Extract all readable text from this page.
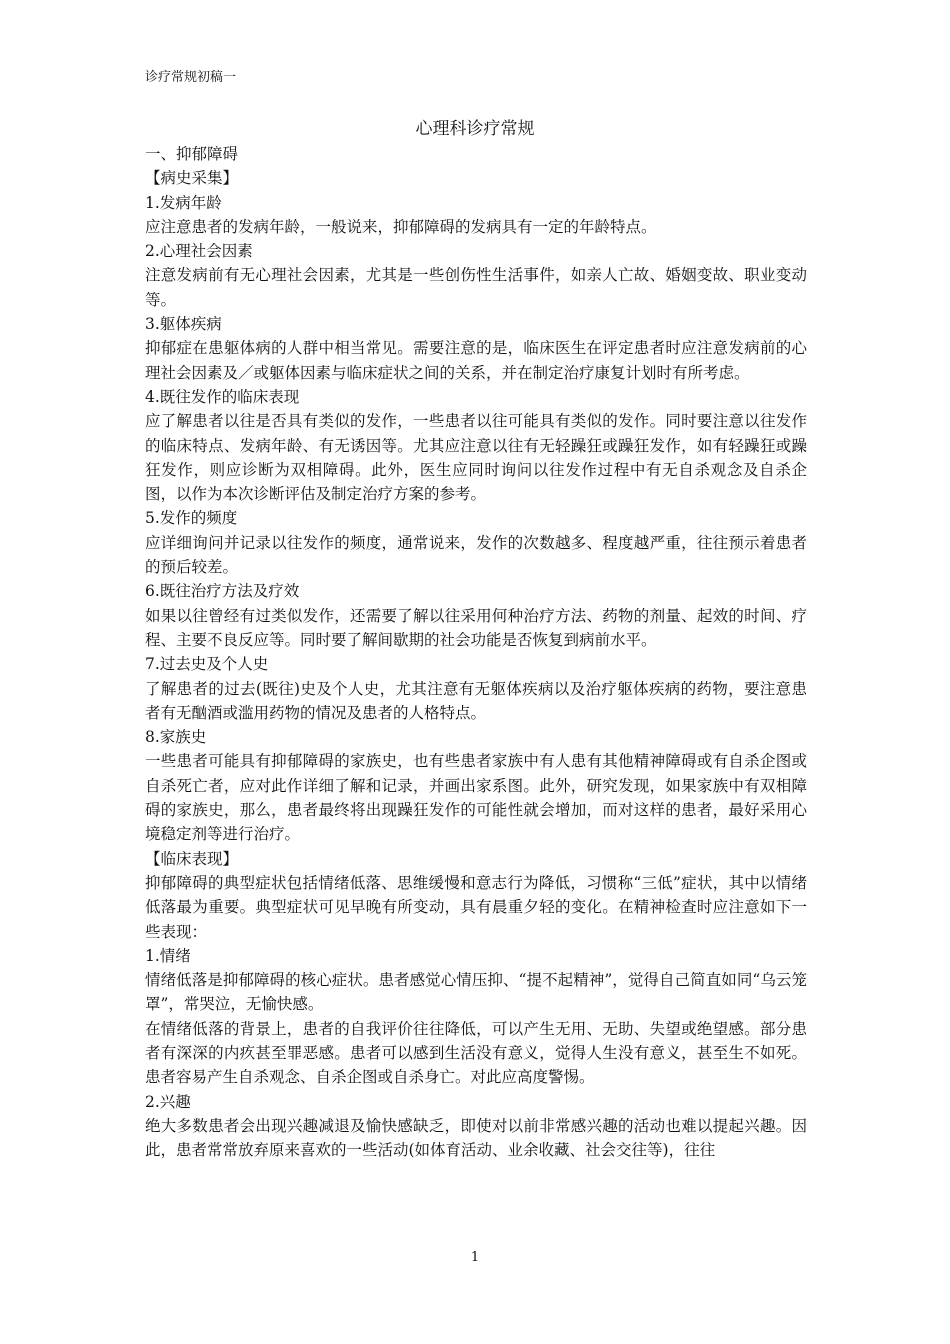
诊疗常规初稿一

心理科诊疗常规

一、抑郁障碍

【病史采集】

1.发病年龄

应注意患者的发病年龄，一般说来，抑郁障碍的发病具有一定的年龄特点。

2.心理社会因素

注意发病前有无心理社会因素，尤其是一些创伤性生活事件，如亲人亡故、婚姻变故、职业变动等。

3.躯体疾病

抑郁症在患躯体病的人群中相当常见。需要注意的是，临床医生在评定患者时应注意发病前的心理社会因素及／或躯体因素与临床症状之间的关系，并在制定治疗康复计划时有所考虑。

4.既往发作的临床表现

应了解患者以往是否具有类似的发作，一些患者以往可能具有类似的发作。同时要注意以往发作的临床特点、发病年龄、有无诱因等。尤其应注意以往有无轻躁狂或躁狂发作，如有轻躁狂或躁狂发作，则应诊断为双相障碍。此外，医生应同时询问以往发作过程中有无自杀观念及自杀企图，以作为本次诊断评估及制定治疗方案的参考。

5.发作的频度

应详细询问并记录以往发作的频度，通常说来，发作的次数越多、程度越严重，往往预示着患者的预后较差。

6.既往治疗方法及疗效

如果以往曾经有过类似发作，还需要了解以往采用何种治疗方法、药物的剂量、起效的时间、疗程、主要不良反应等。同时要了解间歇期的社会功能是否恢复到病前水平。

7.过去史及个人史

了解患者的过去(既往)史及个人史，尤其注意有无躯体疾病以及治疗躯体疾病的药物，要注意患者有无酗酒或滥用药物的情况及患者的人格特点。

8.家族史

一些患者可能具有抑郁障碍的家族史，也有些患者家族中有人患有其他精神障碍或有自杀企图或自杀死亡者，应对此作详细了解和记录，并画出家系图。此外，研究发现，如果家族中有双相障碍的家族史，那么，患者最终将出现躁狂发作的可能性就会增加，而对这样的患者，最好采用心境稳定剂等进行治疗。

【临床表现】

抑郁障碍的典型症状包括情绪低落、思维缓慢和意志行为降低，习惯称“三低”症状，其中以情绪低落最为重要。典型症状可见早晚有所变动，具有晨重夕轻的变化。在精神检查时应注意如下一些表现：

1.情绪

情绪低落是抑郁障碍的核心症状。患者感觉心情压抑、“提不起精神”，觉得自己简直如同“乌云笼罩”，常哭泣，无愉快感。

在情绪低落的背景上，患者的自我评价往往降低，可以产生无用、无助、失望或绝望感。部分患者有深深的内疚甚至罪恶感。患者可以感到生活没有意义，觉得人生没有意义，甚至生不如死。患者容易产生自杀观念、自杀企图或自杀身亡。对此应高度警惕。

2.兴趣

绝大多数患者会出现兴趣减退及愉快感缺乏，即使对以前非常感兴趣的活动也难以提起兴趣。因此，患者常常放弃原来喜欢的一些活动(如体育活动、业余收藏、社会交往等)，往往

1
